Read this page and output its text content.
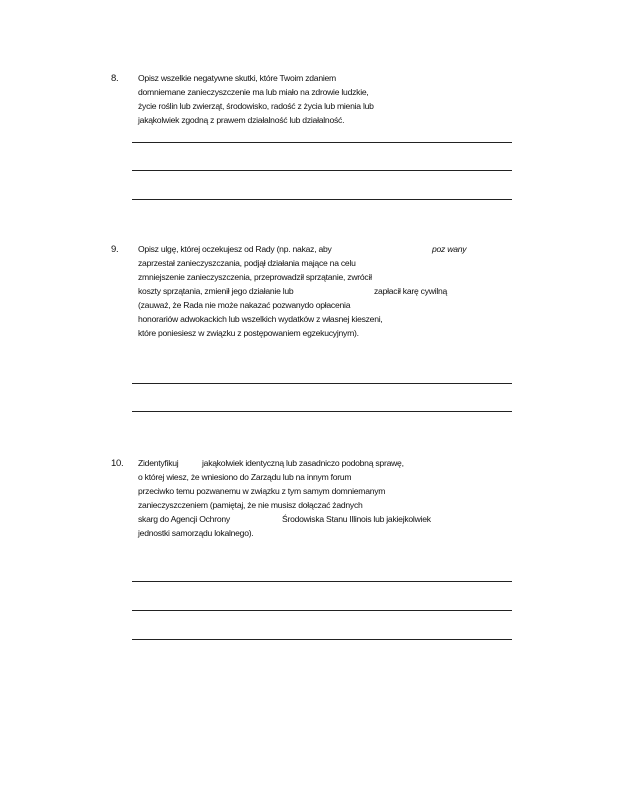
8. Opisz wszelkie negatywne skutki, które Twoim zdaniem
domniemane zanieczyszczenie ma lub miało na zdrowie ludzkie,
życie roślin lub zwierząt, środowisko, radość z życia lub mienia lub
jakąkolwiek zgodną z prawem działalność lub działalność.
9. Opisz ulgę, której oczekujesz od Rady (np. nakaz, aby	poz wany
zaprzestał zanieczyszczania, podjął działania mające na celu
zmniejszenie zanieczyszczenia, przeprowadził sprzątanie, zwrócił
koszty sprzątania, zmienił jego działanie lub	zapłacił karę cywilną
(zauważ, że Rada nie może nakazać pozwanydo opłacenia
honorariów adwokackich lub wszelkich wydatków z własnej kieszeni,
które poniesiesz w związku z postępowaniem egzekucyjnym).
10. Zidentyfikuj	jakąkolwiek identyczną lub zasadniczo podobną sprawę,
o której wiesz, że wniesiono do Zarządu lub na innym forum
przeciwko temu pozwanemu w związku z tym samym domniemanym
zanieczyszczeniem (pamiętaj, że nie musisz dołączać żadnych
skarg do Agencji Ochrony	Środowiska Stanu Illinois lub jakiejkolwiek
jednostki samorządu lokalnego).
